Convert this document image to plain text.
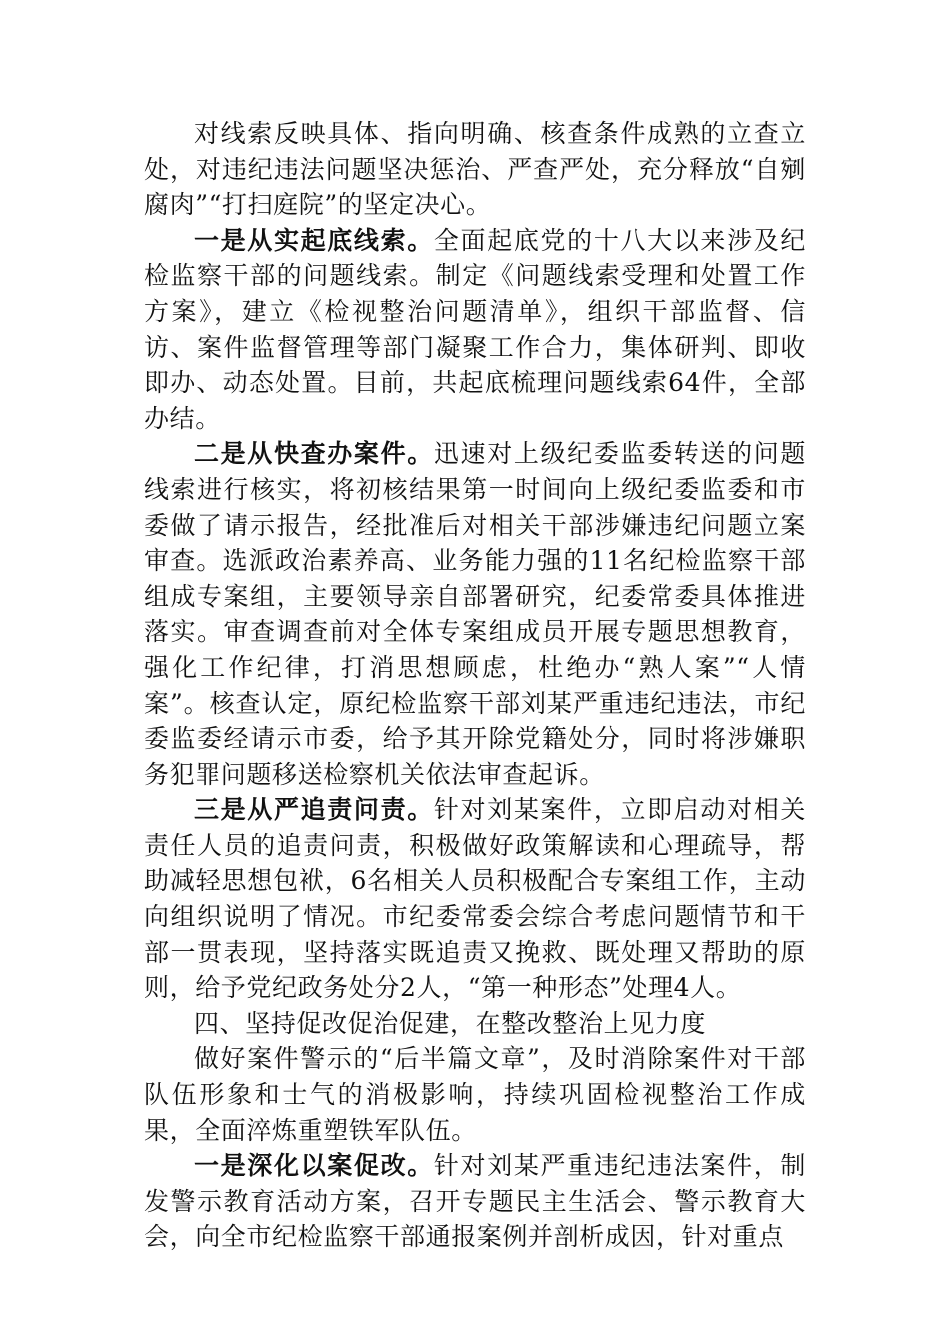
对线索反映具体、指向明确、核查条件成熟的立查立处，对违纪违法问题坚决惩治、严查严处，充分释放“自剜腐肉”“打扫庭院”的坚定决心。

一是从实起底线索。全面起底党的十八大以来涉及纪检监察干部的问题线索。制定《问题线索受理和处置工作方案》，建立《检视整治问题清单》，组织干部监督、信访、案件监督管理等部门凝聚工作合力，集体研判、即收即办、动态处置。目前，共起底梳理问题线索64件，全部办结。

二是从快查办案件。迅速对上级纪委监委转送的问题线索进行核实，将初核结果第一时间向上级纪委监委和市委做了请示报告，经批准后对相关干部涉嫌违纪问题立案审查。选派政治素养高、业务能力强的11名纪检监察干部组成专案组，主要领导亲自部署研究，纪委常委具体推进落实。审查调查前对全体专案组成员开展专题思想教育，强化工作纪律，打消思想顾虑，杜绝办“熟人案”“人情案”。核查认定，原纪检监察干部刘某严重违纪违法，市纪委监委经请示市委，给予其开除党籍处分，同时将涉嫌职务犯罪问题移送检察机关依法审查起诉。

三是从严追责问责。针对刘某案件，立即启动对相关责任人员的追责问责，积极做好政策解读和心理疏导，帮助减轻思想包袱，6名相关人员积极配合专案组工作，主动向组织说明了情况。市纪委常委会综合考虑问题情节和干部一贯表现，坚持落实既追责又挽救、既处理又帮助的原则，给予党纪政务处分2人，“第一种形态”处理4人。

四、坚持促改促治促建，在整改整治上见力度

做好案件警示的“后半篇文章”，及时消除案件对干部队伍形象和士气的消极影响，持续巩固检视整治工作成果，全面淬炼重塑铁军队伍。

一是深化以案促改。针对刘某严重违纪违法案件，制发警示教育活动方案，召开专题民主生活会、警示教育大会，向全市纪检监察干部通报案例并剖析成因，针对重点
